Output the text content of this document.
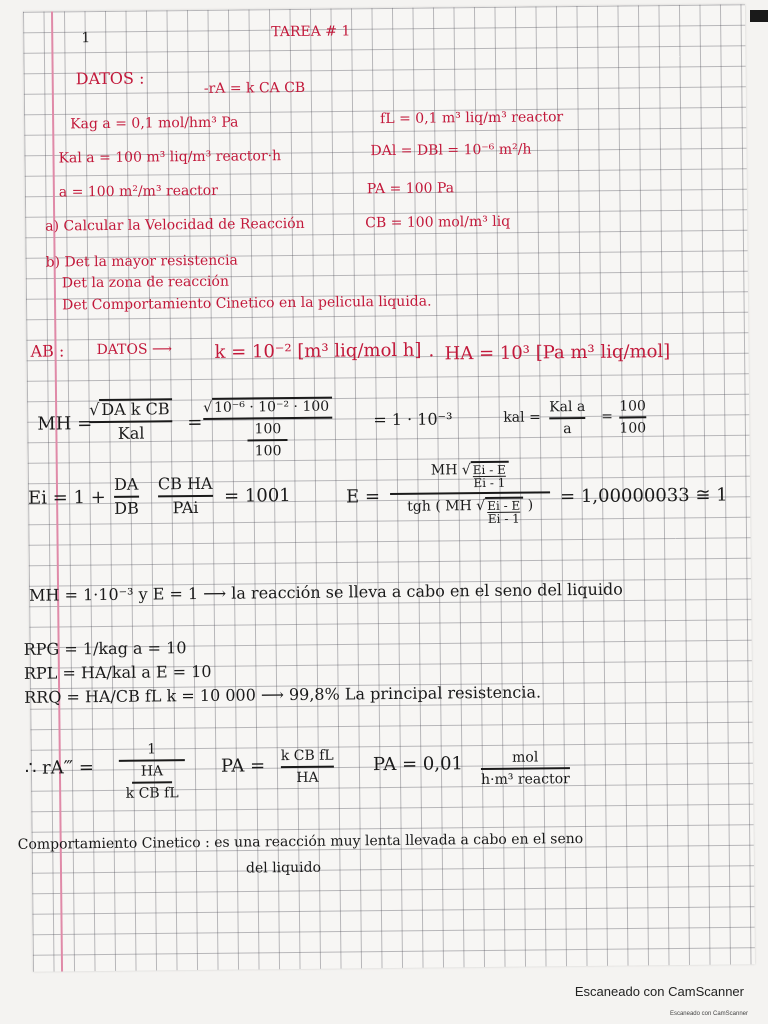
1	TAREA # 1
DATOS :
-rA = k CA CB
Kag a = 0,1 mol/hm³ Pa	fL = 0,1 m³ liq/m³ reactor
Kal a = 100 m³ liq/m³ reactor·h	DAl = DBl = 10⁻⁶ m²/h
a = 100 m²/m³ reactor	PA = 100 Pa
a) Calcular la Velocidad de Reacción	CB = 100 mol/m³ liq
b) Det la mayor resistencia
Det la zona de reacción
Det Comportamiento Cinetico en la pelicula liquida.
AB : DATOS ⟶ k = 10⁻² [m³ liq/mol h] · HA = 10³ [Pa m³ liq/mol]
MH =
√ DA k CB
Kal
=
√ 10⁻⁶ · 10⁻² · 100
100
100
= 1 · 10⁻³	kal =
Kal a
a
=
100
100
Ei = 1 +
DA
DB
CB HA
PAi
= 1001	E =
MH √ $\frac{Ei - E}{Ei - 1}$
tgh ( MH √ $\frac{Ei - E}{Ei - 1}$ ) = 1,00000033 ≅ 1
MH = 1·10⁻³ y E = 1 ⟶ la reacción se lleva a cabo en el seno del liquido
RPG = 1/kag a = 10
RPL = HA/kal a E = 10
RRQ = HA/CB fL k = 10 000 ⟶ 99,8% La principal resistencia.
∴ rA‴ =
1
HA
k CB fL
PA = k CB fL
HA
PA = 0,01	mol
h·m³ reactor
Comportamiento Cinetico : es una reacción muy lenta llevada a cabo en el seno
del liquido
Escaneado con CamScanner
Escaneado con CamScanner
